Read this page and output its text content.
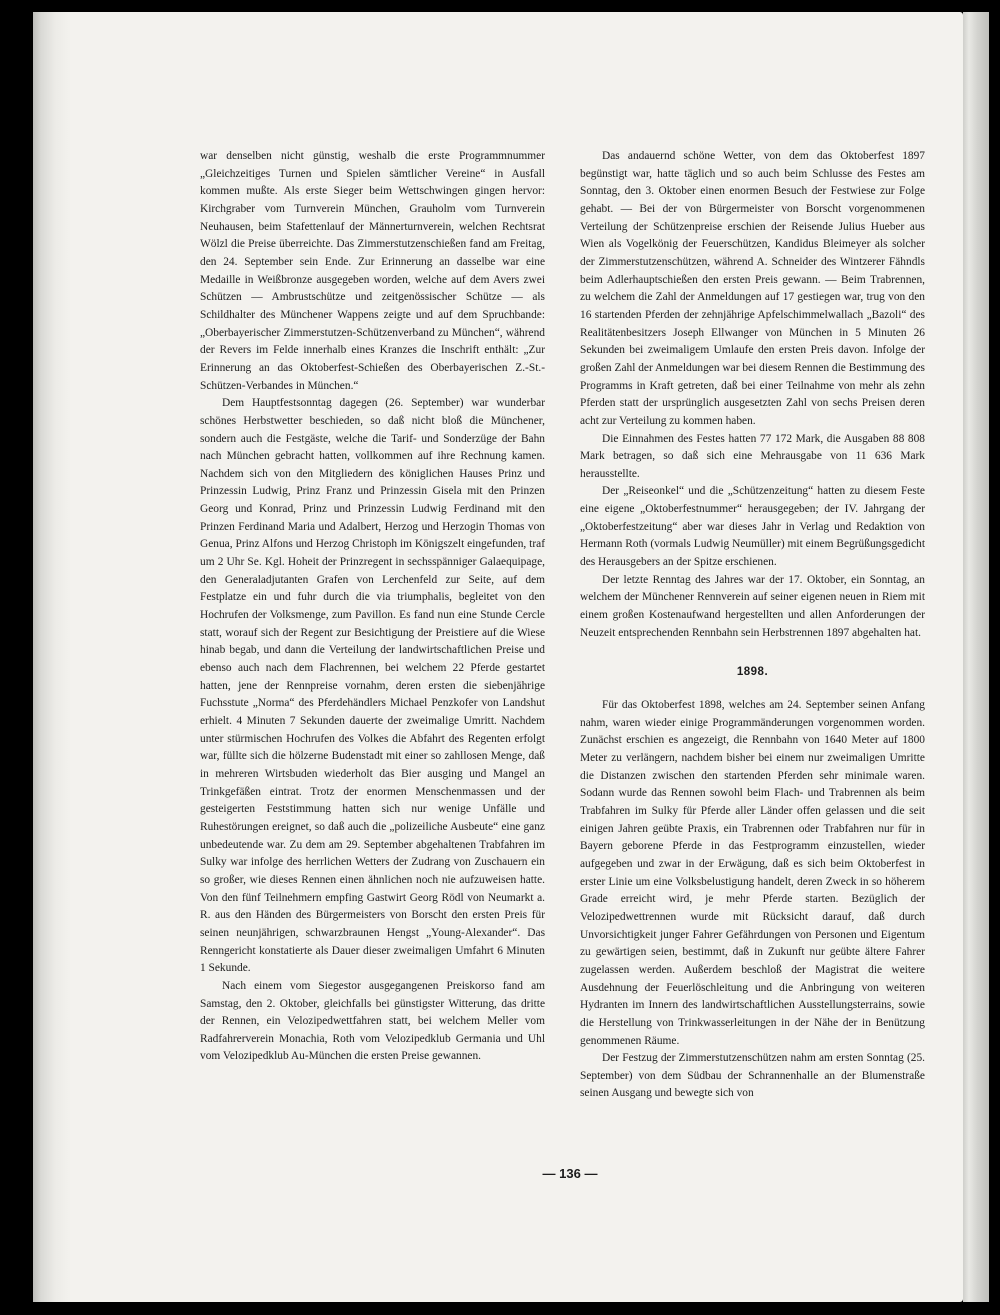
war denselben nicht günstig, weshalb die erste Programmnummer „Gleichzeitiges Turnen und Spielen sämtlicher Vereine“ in Ausfall kommen mußte. Als erste Sieger beim Wettschwingen gingen hervor: Kirchgraber vom Turnverein München, Grauholm vom Turnverein Neuhausen, beim Stafettenlauf der Männerturnverein, welchen Rechtsrat Wölzl die Preise überreichte. Das Zimmerstutzenschießen fand am Freitag, den 24. September sein Ende. Zur Erinnerung an dasselbe war eine Medaille in Weißbronze ausgegeben worden, welche auf dem Avers zwei Schützen — Ambrustschütze und zeitgenössischer Schütze — als Schildhalter des Münchener Wappens zeigte und auf dem Spruchbande: „Oberbayerischer Zimmerstutzen-Schützenverband zu München“, während der Revers im Felde innerhalb eines Kranzes die Inschrift enthält: „Zur Erinnerung an das Oktoberfest-Schießen des Oberbayerischen Z.-St.-Schützen-Verbandes in München.“

Dem Hauptfestsonntag dagegen (26. September) war wunderbar schönes Herbstwetter beschieden, so daß nicht bloß die Münchener, sondern auch die Festgäste, welche die Tarif- und Sonderzüge der Bahn nach München gebracht hatten, vollkommen auf ihre Rechnung kamen. Nachdem sich von den Mitgliedern des königlichen Hauses Prinz und Prinzessin Ludwig, Prinz Franz und Prinzessin Gisela mit den Prinzen Georg und Konrad, Prinz und Prinzessin Ludwig Ferdinand mit den Prinzen Ferdinand Maria und Adalbert, Herzog und Herzogin Thomas von Genua, Prinz Alfons und Herzog Christoph im Königszelt eingefunden, traf um 2 Uhr Se. Kgl. Hoheit der Prinzregent in sechsspänniger Galaequipage, den Generaladjutanten Grafen von Lerchenfeld zur Seite, auf dem Festplatze ein und fuhr durch die via triumphalis, begleitet von den Hochrufen der Volksmenge, zum Pavillon. Es fand nun eine Stunde Cercle statt, worauf sich der Regent zur Besichtigung der Preistiere auf die Wiese hinab begab, und dann die Verteilung der landwirtschaftlichen Preise und ebenso auch nach dem Flachrennen, bei welchem 22 Pferde gestartet hatten, jene der Rennpreise vornahm, deren ersten die siebenjährige Fuchsstute „Norma“ des Pferdehändlers Michael Penzkofer von Landshut erhielt. 4 Minuten 7 Sekunden dauerte der zweimalige Umritt. Nachdem unter stürmischen Hochrufen des Volkes die Abfahrt des Regenten erfolgt war, füllte sich die hölzerne Budenstadt mit einer so zahllosen Menge, daß in mehreren Wirtsbuden wiederholt das Bier ausging und Mangel an Trinkgefäßen eintrat. Trotz der enormen Menschenmassen und der gesteigerten Feststimmung hatten sich nur wenige Unfälle und Ruhestörungen ereignet, so daß auch die „polizeiliche Ausbeute“ eine ganz unbedeutende war. Zu dem am 29. September abgehaltenen Trabfahren im Sulky war infolge des herrlichen Wetters der Zudrang von Zuschauern ein so großer, wie dieses Rennen einen ähnlichen noch nie aufzuweisen hatte. Von den fünf Teilnehmern empfing Gastwirt Georg Rödl von Neumarkt a. R. aus den Händen des Bürgermeisters von Borscht den ersten Preis für seinen neunjährigen, schwarzbraunen Hengst „Young-Alexander“. Das Renngericht konstatierte als Dauer dieser zweimaligen Umfahrt 6 Minuten 1 Sekunde.

Nach einem vom Siegestor ausgegangenen Preiskorso fand am Samstag, den 2. Oktober, gleichfalls bei günstigster Witterung, das dritte der Rennen, ein Velozipedwettfahren statt, bei welchem Meller vom Radfahrerverein Monachia, Roth vom Velozipedklub Germania und Uhl vom Velozipedklub Au-München die ersten Preise gewannen.

Das andauernd schöne Wetter, von dem das Oktoberfest 1897 begünstigt war, hatte täglich und so auch beim Schlusse des Festes am Sonntag, den 3. Oktober einen enormen Besuch der Festwiese zur Folge gehabt. — Bei der von Bürgermeister von Borscht vorgenommenen Verteilung der Schützenpreise erschien der Reisende Julius Hueber aus Wien als Vogelkönig der Feuerschützen, Kandidus Bleimeyer als solcher der Zimmerstutzenschützen, während A. Schneider des Wintzerer Fähndls beim Adlerhauptschießen den ersten Preis gewann. — Beim Trabrennen, zu welchem die Zahl der Anmeldungen auf 17 gestiegen war, trug von den 16 startenden Pferden der zehnjährige Apfelschimmelwallach „Bazoli“ des Realitätenbesitzers Joseph Ellwanger von München in 5 Minuten 26 Sekunden bei zweimaligem Umlaufe den ersten Preis davon. Infolge der großen Zahl der Anmeldungen war bei diesem Rennen die Bestimmung des Programms in Kraft getreten, daß bei einer Teilnahme von mehr als zehn Pferden statt der ursprünglich ausgesetzten Zahl von sechs Preisen deren acht zur Verteilung zu kommen haben.

Die Einnahmen des Festes hatten 77 172 Mark, die Ausgaben 88 808 Mark betragen, so daß sich eine Mehrausgabe von 11 636 Mark herausstellte.

Der „Reiseonkel“ und die „Schützenzeitung“ hatten zu diesem Feste eine eigene „Oktoberfestnummer“ herausgegeben; der IV. Jahrgang der „Oktoberfestzeitung“ aber war dieses Jahr in Verlag und Redaktion von Hermann Roth (vormals Ludwig Neumüller) mit einem Begrüßungsgedicht des Herausgebers an der Spitze erschienen.

Der letzte Renntag des Jahres war der 17. Oktober, ein Sonntag, an welchem der Münchener Rennverein auf seiner eigenen neuen in Riem mit einem großen Kostenaufwand hergestellten und allen Anforderungen der Neuzeit entsprechenden Rennbahn sein Herbstrennen 1897 abgehalten hat.

1898.

Für das Oktoberfest 1898, welches am 24. September seinen Anfang nahm, waren wieder einige Programmänderungen vorgenommen worden. Zunächst erschien es angezeigt, die Rennbahn von 1640 Meter auf 1800 Meter zu verlängern, nachdem bisher bei einem nur zweimaligen Umritte die Distanzen zwischen den startenden Pferden sehr minimale waren. Sodann wurde das Rennen sowohl beim Flach- und Trabrennen als beim Trabfahren im Sulky für Pferde aller Länder offen gelassen und die seit einigen Jahren geübte Praxis, ein Trabrennen oder Trabfahren nur für in Bayern geborene Pferde in das Festprogramm einzustellen, wieder aufgegeben und zwar in der Erwägung, daß es sich beim Oktoberfest in erster Linie um eine Volksbelustigung handelt, deren Zweck in so höherem Grade erreicht wird, je mehr Pferde starten. Bezüglich der Velozipedwettrennen wurde mit Rücksicht darauf, daß durch Unvorsichtigkeit junger Fahrer Gefährdungen von Personen und Eigentum zu gewärtigen seien, bestimmt, daß in Zukunft nur geübte ältere Fahrer zugelassen werden. Außerdem beschloß der Magistrat die weitere Ausdehnung der Feuerlöschleitung und die Anbringung von weiteren Hydranten im Innern des landwirtschaftlichen Ausstellungsterrains, sowie die Herstellung von Trinkwasserleitungen in der Nähe der in Benützung genommenen Räume.

Der Festzug der Zimmerstutzenschützen nahm am ersten Sonntag (25. September) von dem Südbau der Schrannenhalle an der Blumenstraße seinen Ausgang und bewegte sich von

— 136 —
